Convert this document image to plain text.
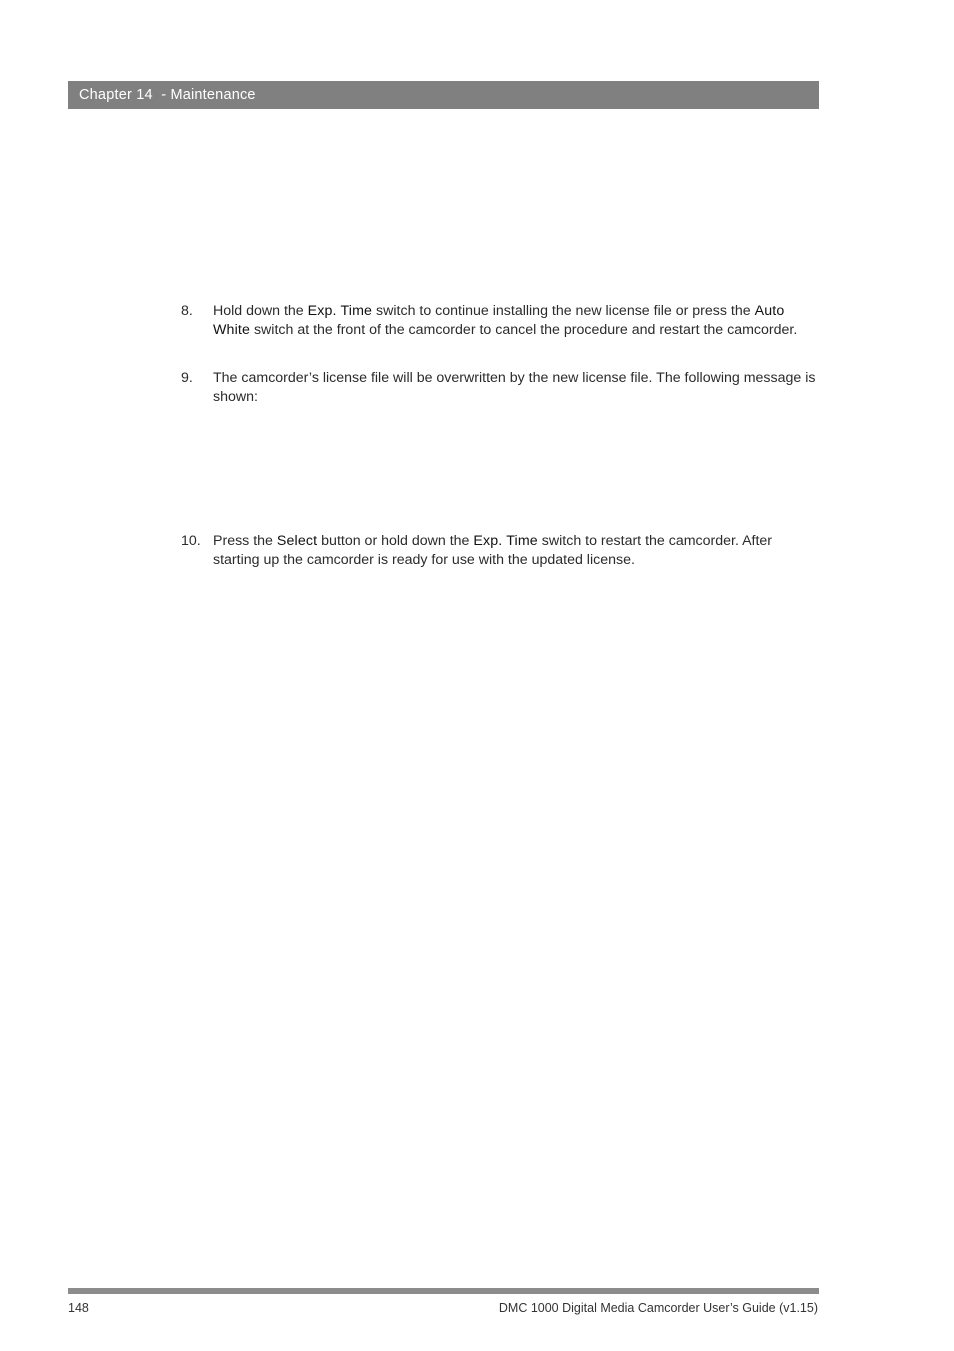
Chapter 14  - Maintenance
8.	Hold down the Exp. Time switch to continue installing the new license file or press the Auto White switch at the front of the camcorder to cancel the procedure and restart the camcorder.
9.	The camcorder’s license file will be overwritten by the new license file. The following message is shown:
10. Press the Select button or hold down the Exp. Time switch to restart the camcorder. After starting up the camcorder is ready for use with the updated license.
148	DMC 1000 Digital Media Camcorder User’s Guide (v1.15)
